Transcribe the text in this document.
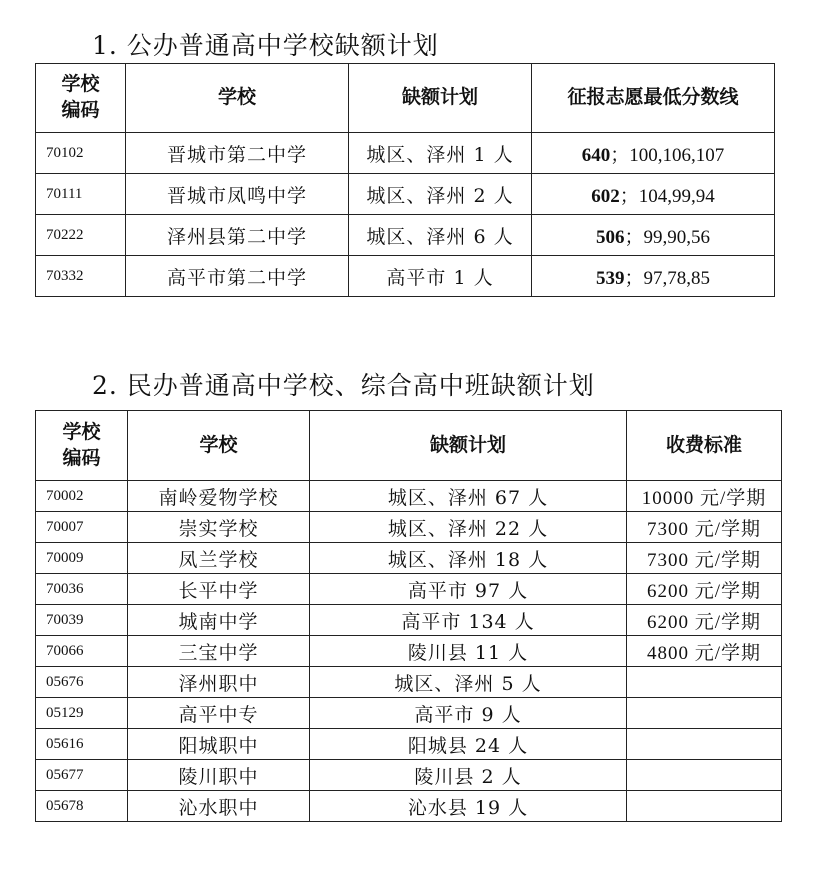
1. 公办普通高中学校缺额计划
学校
编码	学校	缺额计划	征报志愿最低分数线
70102	晋城市第二中学	城区、泽州 1 人	640；100,106,107
70111	晋城市凤鸣中学	城区、泽州 2 人	602；104,99,94
70222	泽州县第二中学	城区、泽州 6 人	506；99,90,56
70332	高平市第二中学	高平市 1 人	539；97,78,85
2. 民办普通高中学校、综合高中班缺额计划
学校
编码	学校	缺额计划	收费标准
70002	南岭爱物学校	城区、泽州 67 人	10000 元/学期
70007	崇实学校	城区、泽州 22 人	7300 元/学期
70009	凤兰学校	城区、泽州 18 人	7300 元/学期
70036	长平中学	高平市 97 人	6200 元/学期
70039	城南中学	高平市 134 人	6200 元/学期
70066	三宝中学	陵川县 11 人	4800 元/学期
05676	泽州职中	城区、泽州 5 人	
05129	高平中专	高平市 9 人	
05616	阳城职中	阳城县 24 人	
05677	陵川职中	陵川县 2 人	
05678	沁水职中	沁水县 19 人	
